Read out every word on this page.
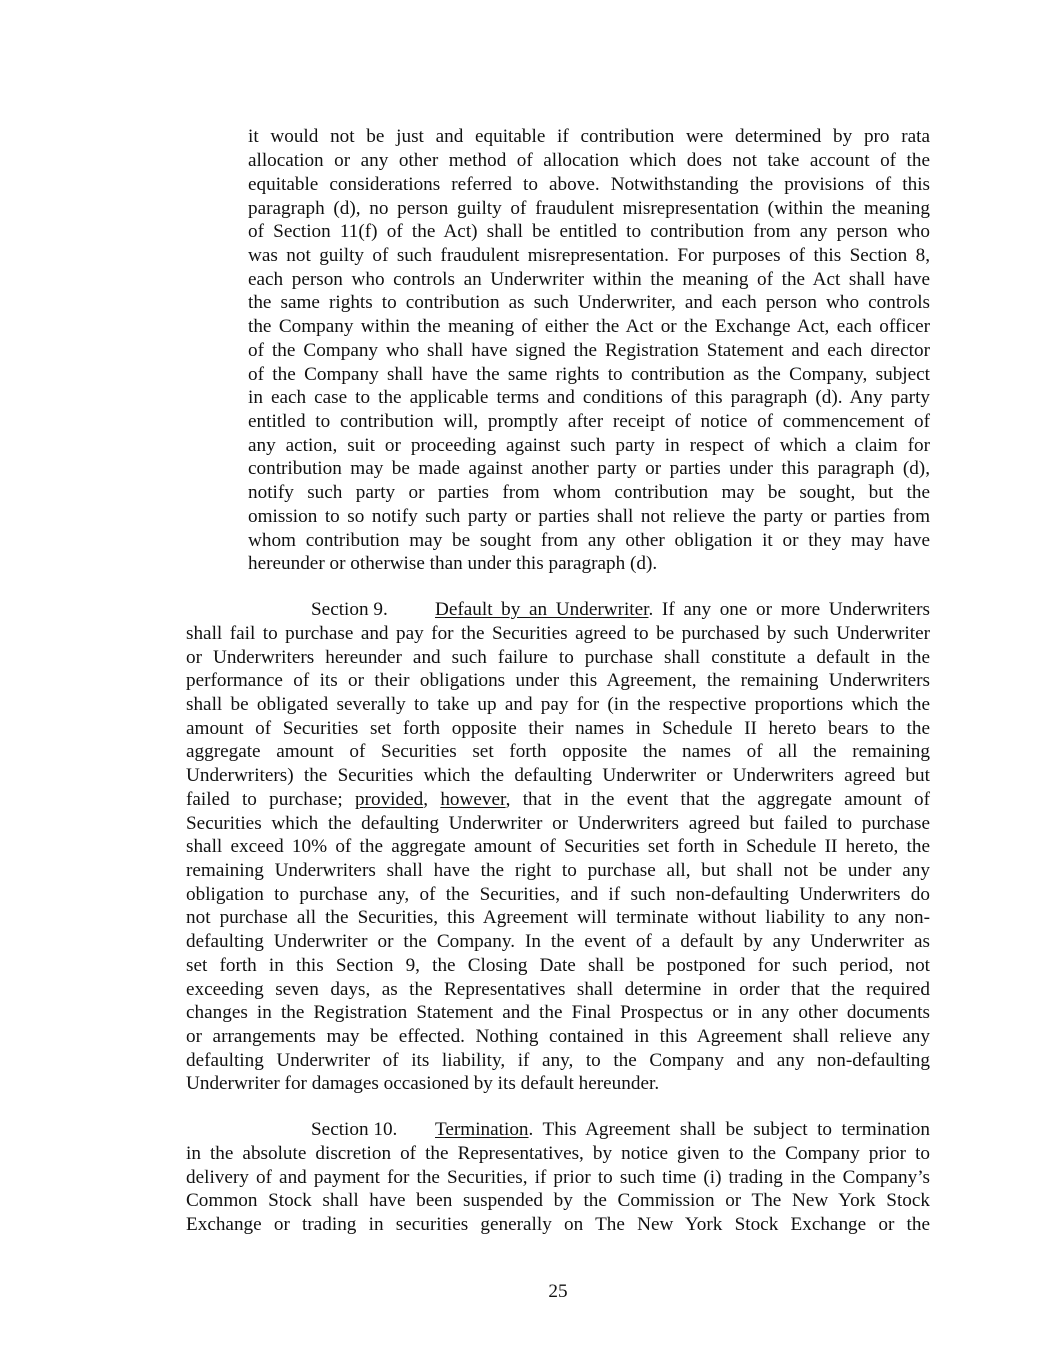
it would not be just and equitable if contribution were determined by pro rata
allocation or any other method of allocation which does not take account of the
equitable considerations referred to above. Notwithstanding the provisions of this
paragraph (d), no person guilty of fraudulent misrepresentation (within the meaning
of Section 11(f) of the Act) shall be entitled to contribution from any person who
was not guilty of such fraudulent misrepresentation. For purposes of this Section 8,
each person who controls an Underwriter within the meaning of the Act shall have
the same rights to contribution as such Underwriter, and each person who controls
the Company within the meaning of either the Act or the Exchange Act, each officer
of the Company who shall have signed the Registration Statement and each director
of the Company shall have the same rights to contribution as the Company, subject
in each case to the applicable terms and conditions of this paragraph (d). Any party
entitled to contribution will, promptly after receipt of notice of commencement of
any action, suit or proceeding against such party in respect of which a claim for
contribution may be made against another party or parties under this paragraph (d),
notify such party or parties from whom contribution may be sought, but the
omission to so notify such party or parties shall not relieve the party or parties from
whom contribution may be sought from any other obligation it or they may have
hereunder or otherwise than under this paragraph (d).
Section 9. Default by an Underwriter. If any one or more Underwriters
shall fail to purchase and pay for the Securities agreed to be purchased by such Underwriter
or Underwriters hereunder and such failure to purchase shall constitute a default in the
performance of its or their obligations under this Agreement, the remaining Underwriters
shall be obligated severally to take up and pay for (in the respective proportions which the
amount of Securities set forth opposite their names in Schedule II hereto bears to the
aggregate amount of Securities set forth opposite the names of all the remaining
Underwriters) the Securities which the defaulting Underwriter or Underwriters agreed but
failed to purchase; provided, however, that in the event that the aggregate amount of
Securities which the defaulting Underwriter or Underwriters agreed but failed to purchase
shall exceed 10% of the aggregate amount of Securities set forth in Schedule II hereto, the
remaining Underwriters shall have the right to purchase all, but shall not be under any
obligation to purchase any, of the Securities, and if such non-defaulting Underwriters do
not purchase all the Securities, this Agreement will terminate without liability to any non-
defaulting Underwriter or the Company. In the event of a default by any Underwriter as
set forth in this Section 9, the Closing Date shall be postponed for such period, not
exceeding seven days, as the Representatives shall determine in order that the required
changes in the Registration Statement and the Final Prospectus or in any other documents
or arrangements may be effected. Nothing contained in this Agreement shall relieve any
defaulting Underwriter of its liability, if any, to the Company and any non-defaulting
Underwriter for damages occasioned by its default hereunder.
Section 10. Termination. This Agreement shall be subject to termination
in the absolute discretion of the Representatives, by notice given to the Company prior to
delivery of and payment for the Securities, if prior to such time (i) trading in the Company’s
Common Stock shall have been suspended by the Commission or The New York Stock
Exchange or trading in securities generally on The New York Stock Exchange or the
25
